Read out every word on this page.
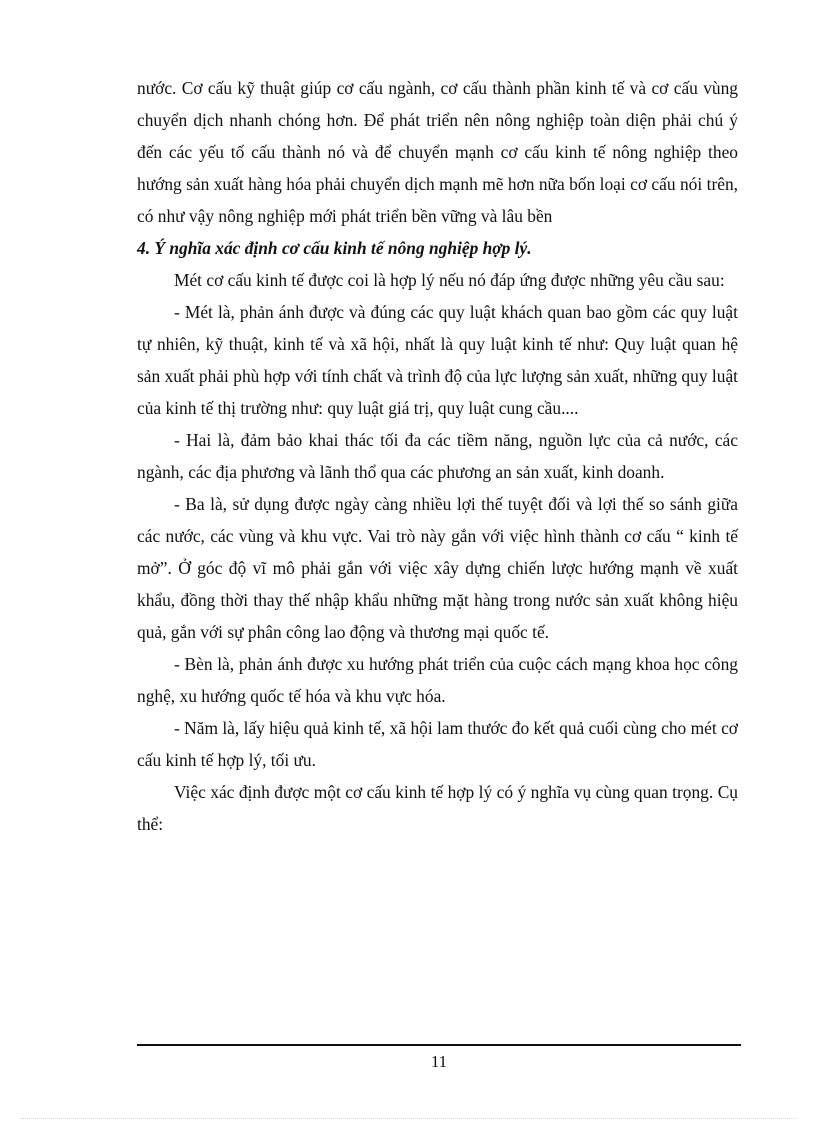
nước. Cơ cấu kỹ thuật giúp cơ cấu ngành, cơ cấu thành phần kinh tế và cơ cấu vùng chuyển dịch nhanh chóng hơn. Để phát triển nên nông nghiệp toàn diện phải chú ý đến các yếu tố cấu thành nó và để chuyển mạnh cơ cấu kinh tế nông nghiệp theo hướng sản xuất hàng hóa phải chuyển dịch mạnh mẽ hơn nữa bốn loại cơ cấu nói trên, có như vậy nông nghiệp mới phát triển bền vững và lâu bền

4. Ý nghĩa xác định cơ cấu kinh tế nông nghiệp hợp lý.

Mét cơ cấu kinh tế được coi là hợp lý nếu nó đáp ứng được những yêu cầu sau:

- Mét là, phản ánh được và đúng các quy luật khách quan bao gồm các quy luật tự nhiên, kỹ thuật, kinh tế và xã hội, nhất là quy luật kinh tế như: Quy luật quan hệ sản xuất phải phù hợp với tính chất và trình độ của lực lượng sản xuất, những quy luật của kinh tế thị trường như: quy luật giá trị, quy luật cung cầu....

- Hai là, đảm bảo khai thác tối đa các tiềm năng, nguồn lực của cả nước, các ngành, các địa phương và lãnh thổ qua các phương an sản xuất, kinh doanh.

- Ba là, sử dụng được ngày càng nhiều lợi thế tuyệt đối và lợi thế so sánh giữa các nước, các vùng và khu vực. Vai trò này gắn với việc hình thành cơ cấu “ kinh tế mở”. Ở góc độ vĩ mô phải gắn với việc xây dựng chiến lược hướng mạnh về xuất khẩu, đồng thời thay thế nhập khẩu những mặt hàng trong nước sản xuất không hiệu quả, gắn với sự phân công lao động và thương mại quốc tế.

- Bèn là, phản ánh được xu hướng phát triển của cuộc cách mạng khoa học công nghệ, xu hướng quốc tế hóa và khu vực hóa.

- Năm là, lấy hiệu quả kinh tế, xã hội lam thước đo kết quả cuối cùng cho mét cơ cấu kinh tế hợp lý, tối ưu.

Việc xác định được một cơ cấu kinh tế hợp lý có ý nghĩa vụ cùng quan trọng. Cụ thể:

11
